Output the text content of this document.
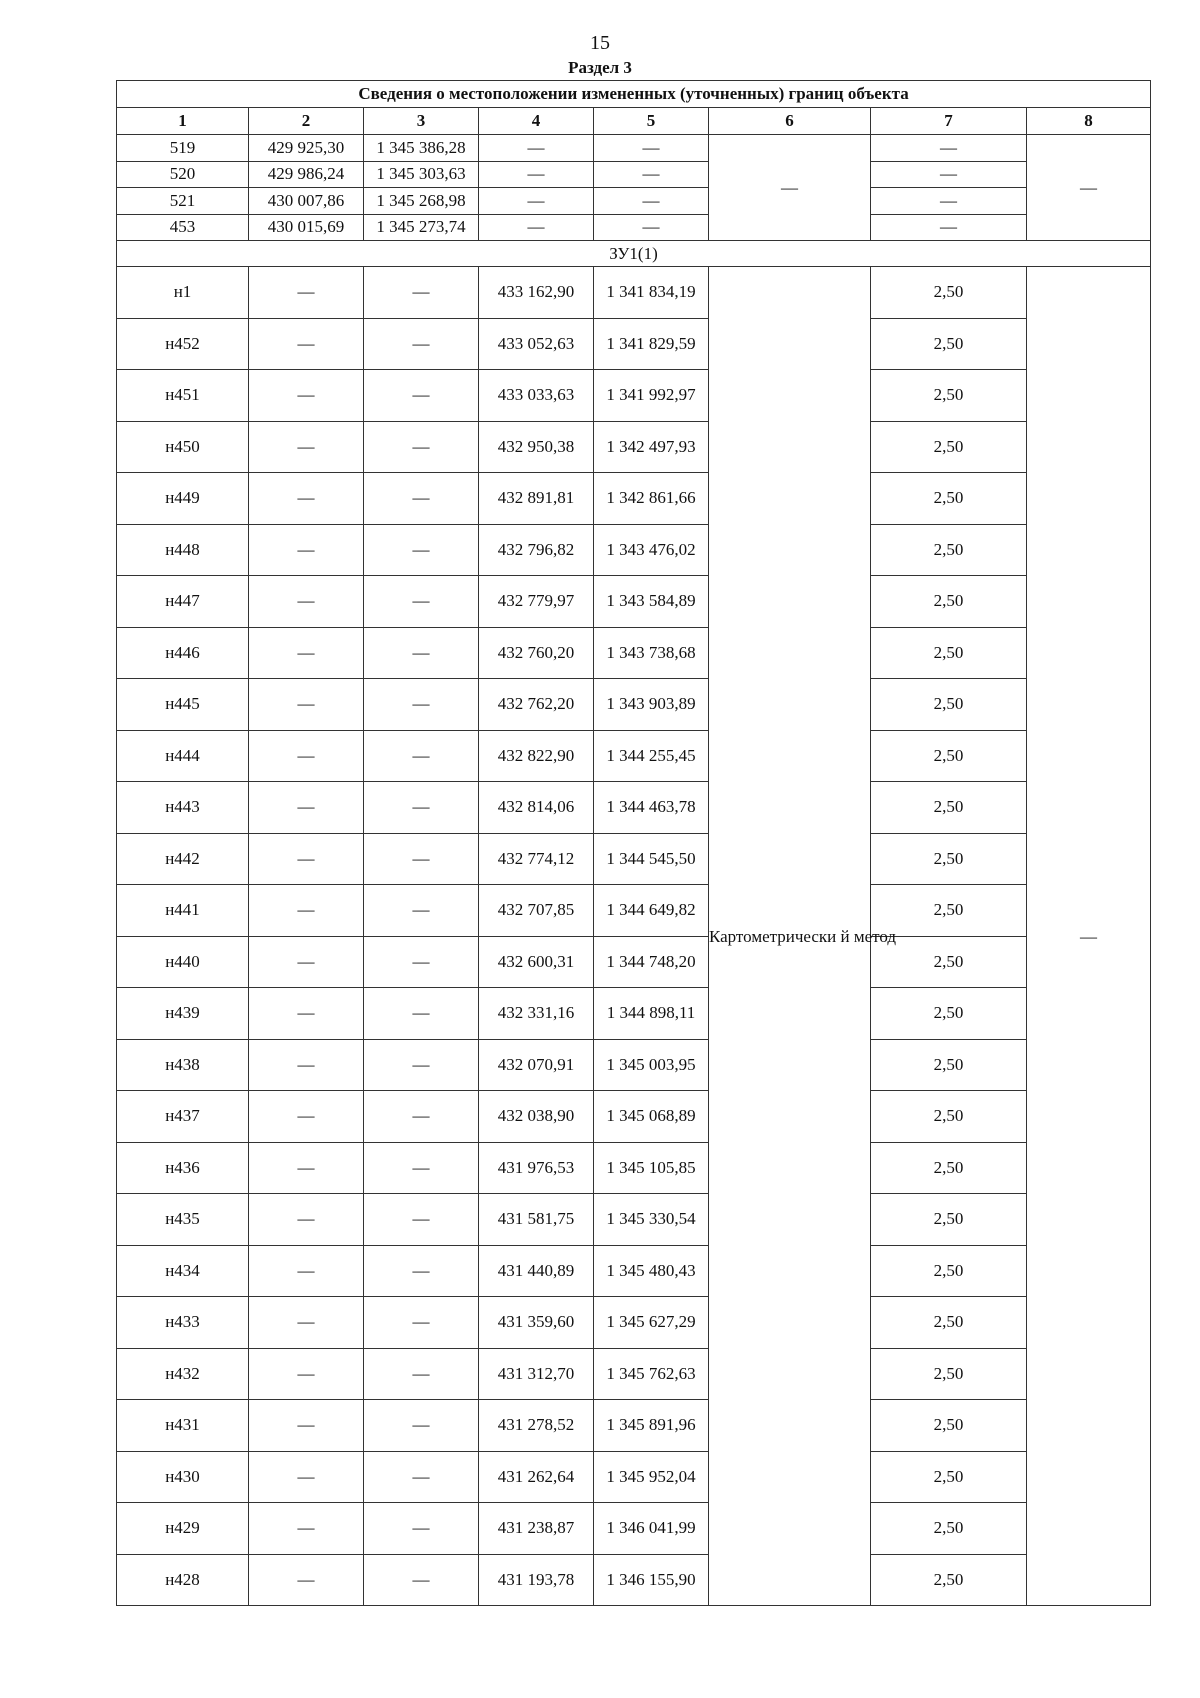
15
Раздел 3
Сведения о местоположении измененных (уточненных) границ объекта							
1	2	3	4	5	6	7	8
519	429 925,30	1 345 386,28	—	—	—	—	—
520	429 986,24	1 345 303,63	—	—		—	
521	430 007,86	1 345 268,98	—	—		—	
453	430 015,69	1 345 273,74	—	—		—	
ЗУ1(1)							
н1	—	—	433 162,90	1 341 834,19	Картометрически й метод	2,50	—
н452	—	—	433 052,63	1 341 829,59		2,50	
н451	—	—	433 033,63	1 341 992,97		2,50	
н450	—	—	432 950,38	1 342 497,93		2,50	
н449	—	—	432 891,81	1 342 861,66		2,50	
н448	—	—	432 796,82	1 343 476,02		2,50	
н447	—	—	432 779,97	1 343 584,89		2,50	
н446	—	—	432 760,20	1 343 738,68		2,50	
н445	—	—	432 762,20	1 343 903,89		2,50	
н444	—	—	432 822,90	1 344 255,45		2,50	
н443	—	—	432 814,06	1 344 463,78		2,50	
н442	—	—	432 774,12	1 344 545,50		2,50	
н441	—	—	432 707,85	1 344 649,82		2,50	
н440	—	—	432 600,31	1 344 748,20		2,50	
н439	—	—	432 331,16	1 344 898,11		2,50	
н438	—	—	432 070,91	1 345 003,95		2,50	
н437	—	—	432 038,90	1 345 068,89		2,50	
н436	—	—	431 976,53	1 345 105,85		2,50	
н435	—	—	431 581,75	1 345 330,54		2,50	
н434	—	—	431 440,89	1 345 480,43		2,50	
н433	—	—	431 359,60	1 345 627,29		2,50	
н432	—	—	431 312,70	1 345 762,63		2,50	
н431	—	—	431 278,52	1 345 891,96		2,50	
н430	—	—	431 262,64	1 345 952,04		2,50	
н429	—	—	431 238,87	1 346 041,99		2,50	
н428	—	—	431 193,78	1 346 155,90		2,50	
